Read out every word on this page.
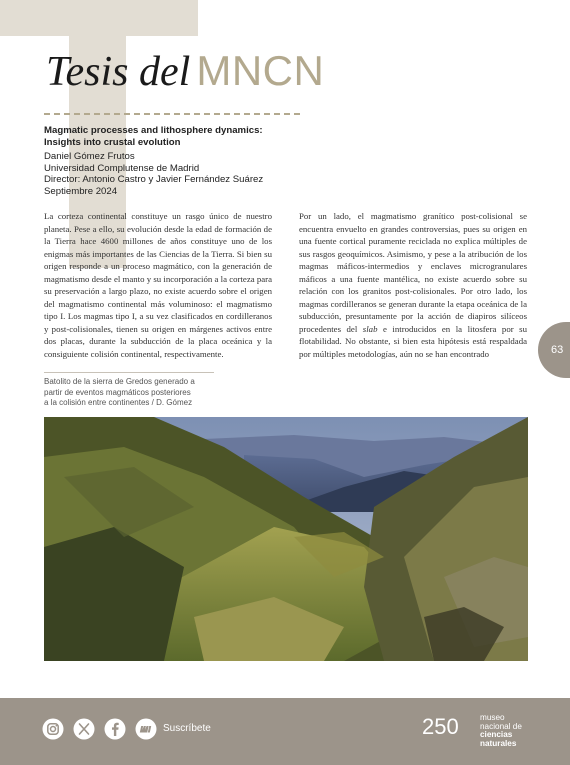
Tesis del MNCN

Magmatic processes and lithosphere dynamics:
Insights into crustal evolution

Daniel Gómez Frutos

Universidad Complutense de Madrid

Director: Antonio Castro y Javier Fernández Suárez

Septiembre 2024

La corteza continental constituye un rasgo único de nuestro planeta. Pese a ello, su evolución desde la edad de formación de la Tierra hace 4600 millones de años constituye uno de los enigmas más importantes de las Ciencias de la Tierra. Si bien su origen responde a un proceso magmático, con la generación de magmatismo desde el manto y su incorporación a la corteza para su preservación a largo plazo, no existe acuerdo sobre el origen del magmatismo continental más voluminoso: el magmatismo tipo I. Los magmas tipo I, a su vez clasificados en cordilleranos y post-colisionales, tienen su origen en márgenes activos entre dos placas, durante la subducción de la placa oceánica y la consiguiente colisión continental, respectivamente.

Por un lado, el magmatismo granítico post-colisional se encuentra envuelto en grandes controversias, pues su origen en una fuente cortical puramente reciclada no explica múltiples de sus rasgos geoquímicos. Asimismo, y pese a la atribución de los magmas máficos-intermedios y enclaves microgranulares máficos a una fuente mantélica, no existe acuerdo sobre su relación con los granitos post-colisionales. Por otro lado, los magmas cordilleranos se generan durante la etapa oceánica de la subducción, presuntamente por la acción de diapiros silíceos procedentes del slab e introducidos en la litosfera por su flotabilidad. No obstante, si bien esta hipótesis está respaldada por múltiples metodologías, aún no se han encontrado	63

Batolito de la sierra de Gredos generado a
partir de eventos magmáticos posteriores
a la colisión entre continentes / D. Gómez

Suscríbete	250	museo
nacional de
ciencias
naturales
